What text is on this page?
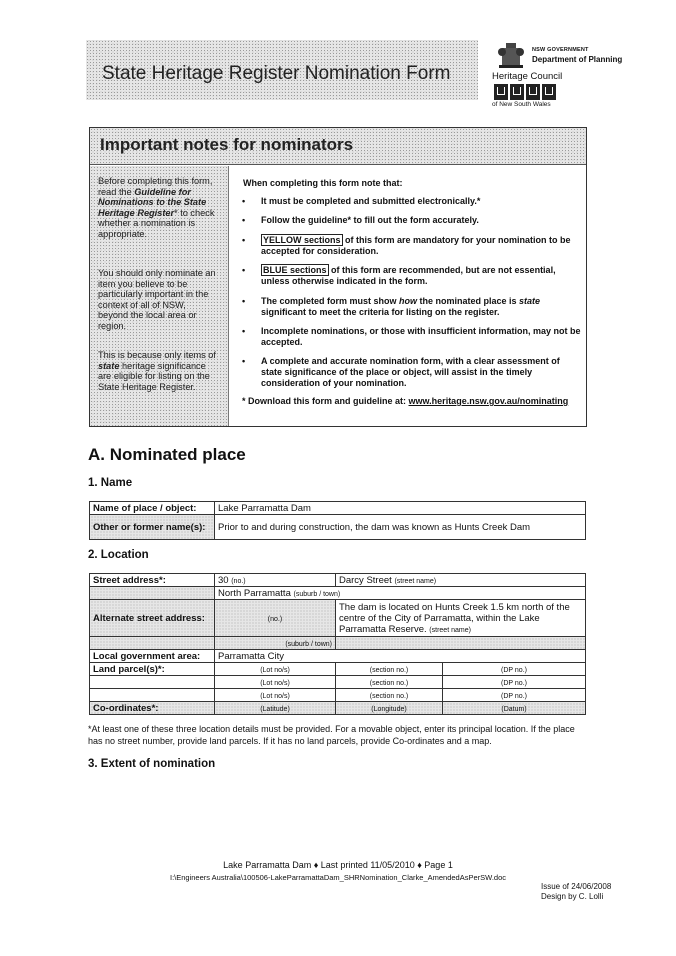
State Heritage Register Nomination Form
NSW GOVERNMENT
Department of Planning
Heritage Council
of New South Wales
Important notes for nominators
Before completing this form, read the Guideline for Nominations to the State Heritage Register* to check whether a nomination is appropriate.
You should only nominate an item you believe to be particularly important in the context of all of NSW, beyond the local area or region.
This is because only items of state heritage significance are eligible for listing on the State Heritage Register.
When completing this form note that:
• It must be completed and submitted electronically.*
• Follow the guideline* to fill out the form accurately.
• YELLOW sections of this form are mandatory for your nomination to be accepted for consideration.
• BLUE sections of this form are recommended, but are not essential, unless otherwise indicated in the form.
• The completed form must show how the nominated place is state significant to meet the criteria for listing on the register.
• Incomplete nominations, or those with insufficient information, may not be accepted.
• A complete and accurate nomination form, with a clear assessment of state significance of the place or object, will assist in the timely consideration of your nomination.
* Download this form and guideline at: www.heritage.nsw.gov.au/nominating
A. Nominated place
1. Name
Name of place / object:	Lake Parramatta Dam
Other or former name(s):	Prior to and during construction, the dam was known as Hunts Creek Dam
2. Location
Street address*:	30 (no.)	Darcy Street (street name)	
	North Parramatta (suburb / town)		
Alternate street address:	(no.)	The dam is located on Hunts Creek 1.5 km north of the centre of the City of Parramatta, within the Lake Parramatta Reserve. (street name)	
	(suburb / town)		
Local government area:	Parramatta City		
Land parcel(s)*:	(Lot no/s)	(section no.)	(DP no.)
	(Lot no/s)	(section no.)	(DP no.)
	(Lot no/s)	(section no.)	(DP no.)
Co-ordinates*:	(Latitude)	(Longitude)	(Datum)
*At least one of these three location details must be provided. For a movable object, enter its principal location. If the place has no street number, provide land parcels. If it has no land parcels, provide Co-ordinates and a map.
3. Extent of nomination
Lake Parramatta Dam ♦ Last printed 11/05/2010 ♦ Page 1
I:\Engineers Australia\100506-LakeParramattaDam_SHRNomination_Clarke_AmendedAsPerSW.doc
Issue of 24/06/2008
Design by C. Lolli
